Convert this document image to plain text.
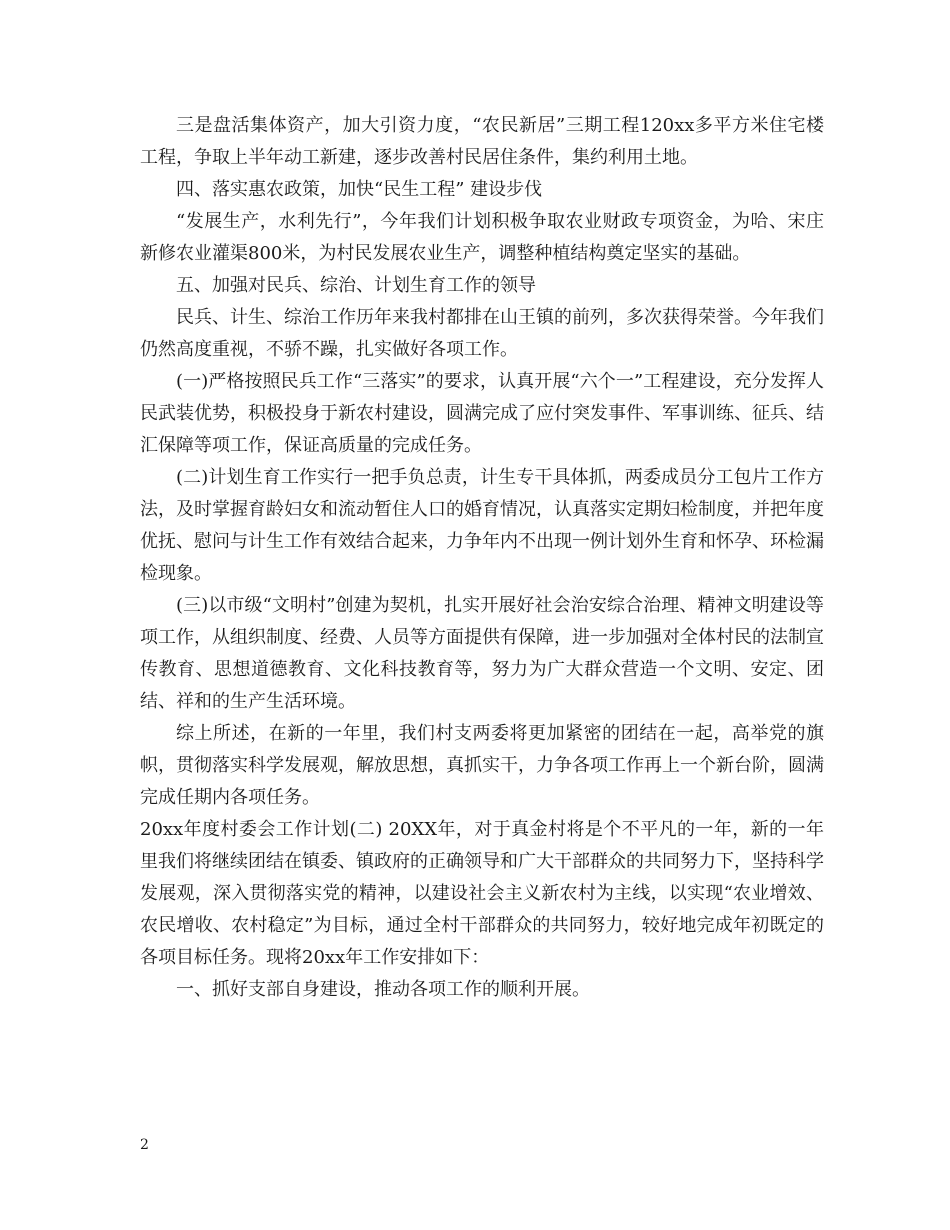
三是盘活集体资产，加大引资力度，“农民新居”三期工程120xx多平方米住宅楼工程，争取上半年动工新建，逐步改善村民居住条件，集约利用土地。

四、落实惠农政策，加快“民生工程” 建设步伐

“发展生产，水利先行”，今年我们计划积极争取农业财政专项资金，为哈、宋庄新修农业灌渠800米，为村民发展农业生产，调整种植结构奠定坚实的基础。

五、加强对民兵、综治、计划生育工作的领导

民兵、计生、综治工作历年来我村都排在山王镇的前列，多次获得荣誉。今年我们仍然高度重视，不骄不躁，扎实做好各项工作。

(一)严格按照民兵工作“三落实”的要求，认真开展“六个一”工程建设，充分发挥人民武装优势，积极投身于新农村建设，圆满完成了应付突发事件、军事训练、征兵、结汇保障等项工作，保证高质量的完成任务。

(二)计划生育工作实行一把手负总责，计生专干具体抓，两委成员分工包片工作方法，及时掌握育龄妇女和流动暂住人口的婚育情况，认真落实定期妇检制度，并把年度优抚、慰问与计生工作有效结合起来，力争年内不出现一例计划外生育和怀孕、环检漏检现象。

(三)以市级“文明村”创建为契机，扎实开展好社会治安综合治理、精神文明建设等项工作，从组织制度、经费、人员等方面提供有保障，进一步加强对全体村民的法制宣传教育、思想道德教育、文化科技教育等，努力为广大群众营造一个文明、安定、团结、祥和的生产生活环境。

综上所述，在新的一年里，我们村支两委将更加紧密的团结在一起，高举党的旗帜，贯彻落实科学发展观，解放思想，真抓实干，力争各项工作再上一个新台阶，圆满完成任期内各项任务。

20xx年度村委会工作计划(二) 20XX年，对于真金村将是个不平凡的一年，新的一年里我们将继续团结在镇委、镇政府的正确领导和广大干部群众的共同努力下，坚持科学发展观，深入贯彻落实党的精神，以建设社会主义新农村为主线，以实现“农业增效、农民增收、农村稳定”为目标，通过全村干部群众的共同努力，较好地完成年初既定的各项目标任务。现将20xx年工作安排如下：

一、抓好支部自身建设，推动各项工作的顺利开展。

2
